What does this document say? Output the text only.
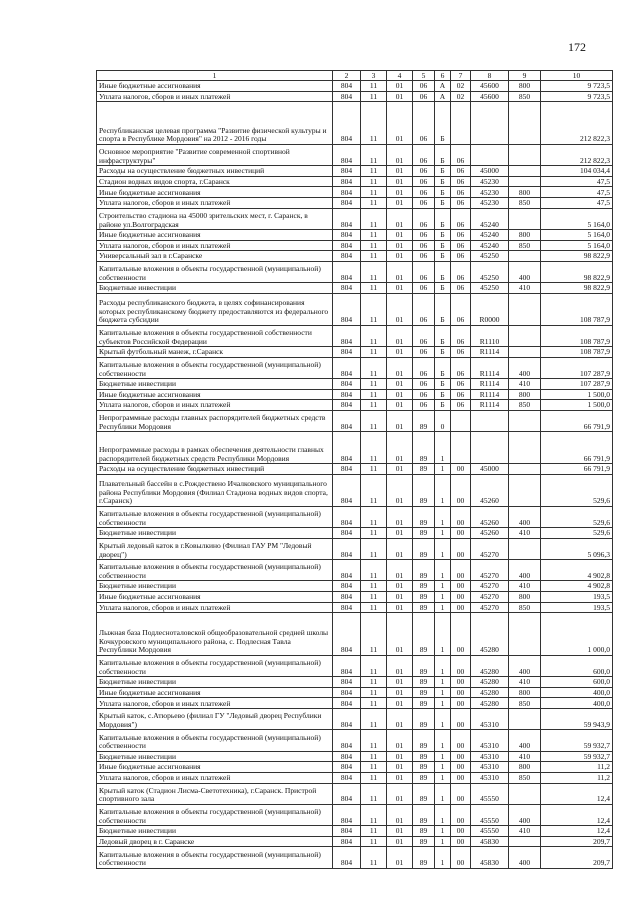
172
1	2	3	4	5	6	7	8	9	10
Иные бюджетные ассигнования	804	11	01	06	А	02	45600	800	9 723,5
Уплата налогов, сборов и иных платежей	804	11	01	06	А	02	45600	850	9 723,5
Республиканская целевая программа "Развитие физической культуры и спорта в Республике Мордовия" на 2012 - 2016 годы	804	11	01	06	Б				212 822,3
Основное мероприятие "Развитие современной спортивной инфраструктуры"	804	11	01	06	Б	06			212 822,3
Расходы на осуществление бюджетных инвестиций	804	11	01	06	Б	06	45000		104 034,4
Стадион водных видов спорта, г.Саранск	804	11	01	06	Б	06	45230		47,5
Иные бюджетные ассигнования	804	11	01	06	Б	06	45230	800	47,5
Уплата налогов, сборов и иных платежей	804	11	01	06	Б	06	45230	850	47,5
Строительство стадиона на 45000 зрительских мест, г. Саранск, в районе ул.Волгоградская	804	11	01	06	Б	06	45240		5 164,0
Иные бюджетные ассигнования	804	11	01	06	Б	06	45240	800	5 164,0
Уплата налогов, сборов и иных платежей	804	11	01	06	Б	06	45240	850	5 164,0
Универсальный зал в г.Саранске	804	11	01	06	Б	06	45250		98 822,9
Капитальные вложения в объекты государственной (муниципальной) собственности	804	11	01	06	Б	06	45250	400	98 822,9
Бюджетные инвестиции	804	11	01	06	Б	06	45250	410	98 822,9
Расходы республиканского бюджета, в целях софинансирования которых республиканскому бюджету предоставляются из федерального бюджета субсидии	804	11	01	06	Б	06	R0000		108 787,9
Капитальные вложения в объекты государственной собственности субъектов Российской Федерации	804	11	01	06	Б	06	R1110		108 787,9
Крытый футбольный манеж, г.Саранск	804	11	01	06	Б	06	R1114		108 787,9
Капитальные вложения в объекты государственной (муниципальной) собственности	804	11	01	06	Б	06	R1114	400	107 287,9
Бюджетные инвестиции	804	11	01	06	Б	06	R1114	410	107 287,9
Иные бюджетные ассигнования	804	11	01	06	Б	06	R1114	800	1 500,0
Уплата налогов, сборов и иных платежей	804	11	01	06	Б	06	R1114	850	1 500,0
Непрограммные расходы главных распорядителей бюджетных средств Республики Мордовия	804	11	01	89	0				66 791,9
Непрограммные расходы в рамках обеспечения деятельности главных распорядителей бюджетных средств Республики Мордовия	804	11	01	89	1				66 791,9
Расходы на осуществление бюджетных инвестиций	804	11	01	89	1	00	45000		66 791,9
Плавательный бассейн в с.Рождествено Ичалковского муниципального района Республики Мордовия (Филиал Стадиона водных видов спорта, г.Саранск)	804	11	01	89	1	00	45260		529,6
Капитальные вложения в объекты государственной (муниципальной) собственности	804	11	01	89	1	00	45260	400	529,6
Бюджетные инвестиции	804	11	01	89	1	00	45260	410	529,6
Крытый ледовый каток в г.Ковылкино (Филиал ГАУ РМ "Ледовый дворец")	804	11	01	89	1	00	45270		5 096,3
Капитальные вложения в объекты государственной (муниципальной) собственности	804	11	01	89	1	00	45270	400	4 902,8
Бюджетные инвестиции	804	11	01	89	1	00	45270	410	4 902,8
Иные бюджетные ассигнования	804	11	01	89	1	00	45270	800	193,5
Уплата налогов, сборов и иных платежей	804	11	01	89	1	00	45270	850	193,5
Лыжная база Подлесноталовской общеобразовательной средней школы Кочкуровского муниципального района, с. Подлесная Тавла Республики Мордовия	804	11	01	89	1	00	45280		1 000,0
Капитальные вложения в объекты государственной (муниципальной) собственности	804	11	01	89	1	00	45280	400	600,0
Бюджетные инвестиции	804	11	01	89	1	00	45280	410	600,0
Иные бюджетные ассигнования	804	11	01	89	1	00	45280	800	400,0
Уплата налогов, сборов и иных платежей	804	11	01	89	1	00	45280	850	400,0
Крытый каток, с.Атюрьево (филиал ГУ "Ледовый дворец Республики Мордовия")	804	11	01	89	1	00	45310		59 943,9
Капитальные вложения в объекты государственной (муниципальной) собственности	804	11	01	89	1	00	45310	400	59 932,7
Бюджетные инвестиции	804	11	01	89	1	00	45310	410	59 932,7
Иные бюджетные ассигнования	804	11	01	89	1	00	45310	800	11,2
Уплата налогов, сборов и иных платежей	804	11	01	89	1	00	45310	850	11,2
Крытый каток (Стадион Лисма-Светотехника), г.Саранск. Пристрой спортивного зала	804	11	01	89	1	00	45550		12,4
Капитальные вложения в объекты государственной (муниципальной) собственности	804	11	01	89	1	00	45550	400	12,4
Бюджетные инвестиции	804	11	01	89	1	00	45550	410	12,4
Ледовый дворец в г. Саранске	804	11	01	89	1	00	45830		209,7
Капитальные вложения в объекты государственной (муниципальной) собственности	804	11	01	89	1	00	45830	400	209,7
